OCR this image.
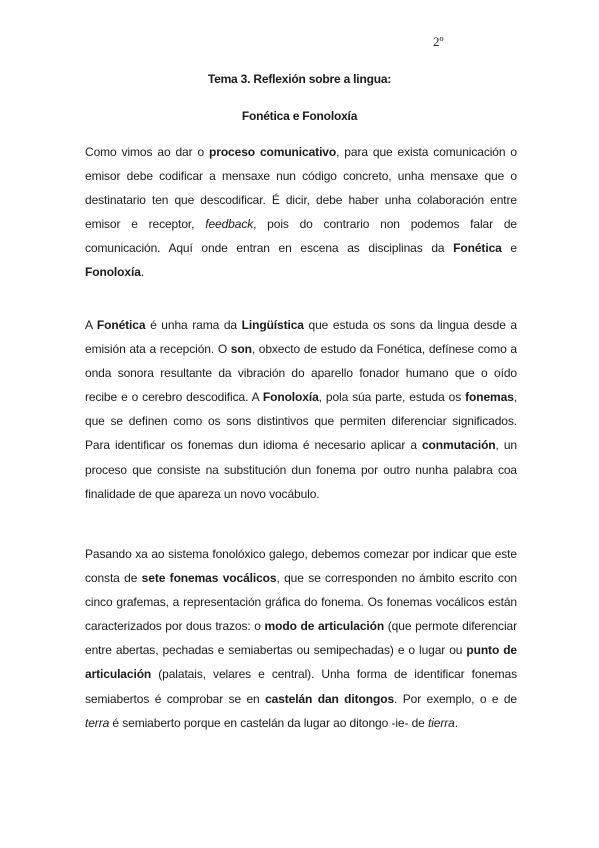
2º
Tema 3. Reflexión sobre a lingua:
Fonética e Fonoloxía

Como vimos ao dar o proceso comunicativo, para que exista comunicación o emisor debe codificar a mensaxe nun código concreto, unha mensaxe que o destinatario ten que descodificar. É dicir, debe haber unha colaboración entre emisor e receptor, feedback, pois do contrario non podemos falar de comunicación. Aquí onde entran en escena as disciplinas da Fonética e Fonoloxía.

A Fonética é unha rama da Lingüística que estuda os sons da lingua desde a emisión ata a recepción. O son, obxecto de estudo da Fonética, defínese como a onda sonora resultante da vibración do aparello fonador humano que o oído recibe e o cerebro descodifica. A Fonoloxía, pola súa parte, estuda os fonemas, que se definen como os sons distintivos que permiten diferenciar significados. Para identificar os fonemas dun idioma é necesario aplicar a conmutación, un proceso que consiste na substitución dun fonema por outro nunha palabra coa finalidade de que apareza un novo vocábulo.

Pasando xa ao sistema fonolóxico galego, debemos comezar por indicar que este consta de sete fonemas vocálicos, que se corresponden no ámbito escrito con cinco grafemas, a representación gráfica do fonema. Os fonemas vocálicos están caracterizados por dous trazos: o modo de articulación (que permote diferenciar entre abertas, pechadas e semiabertas ou semipechadas) e o lugar ou punto de articulación (palatais, velares e central). Unha forma de identificar fonemas semiabertos é comprobar se en castelán dan ditongos. Por exemplo, o e de terra é semiaberto porque en castelán da lugar ao ditongo -ie- de tierra.
